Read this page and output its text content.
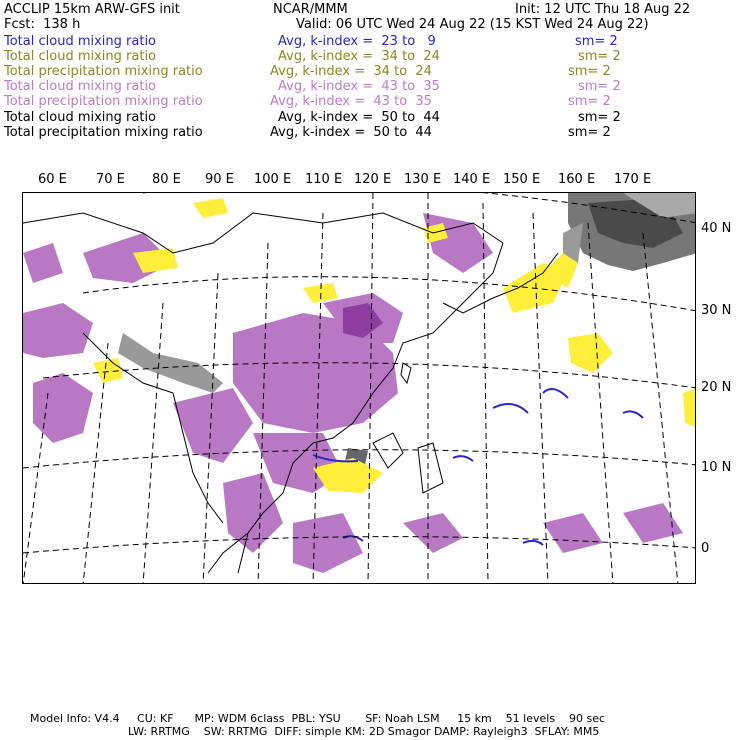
ACCLIP 15km ARW-GFS init	NCAR/MMM	Init: 12 UTC Thu 18 Aug 22
Fcst:  138 h	Valid: 06 UTC Wed 24 Aug 22 (15 KST Wed 24 Aug 22)
Total cloud mixing ratio	Avg, k-index =  23 to   9	sm= 2
Total cloud mixing ratio	Avg, k-index =  34 to  24	sm= 2
Total precipitation mixing ratio	Avg, k-index =  34 to  24	sm= 2
Total cloud mixing ratio	Avg, k-index =  43 to  35	sm= 2
Total precipitation mixing ratio	Avg, k-index =  43 to  35	sm= 2
Total cloud mixing ratio	Avg, k-index =  50 to  44	sm= 2
Total precipitation mixing ratio	Avg, k-index =  50 to  44	sm= 2
60 E 70 E 80 E 90 E 100 E 110 E 120 E 130 E 140 E 150 E 160 E 170 E
40 N
30 N
20 N
10 N
0
Model Info: V4.4     CU: KF      MP: WDM 6class  PBL: YSU       SF: Noah LSM     15 km    51 levels    90 sec
LW: RRTMG    SW: RRTMG  DIFF: simple KM: 2D Smagor DAMP: Rayleigh3  SFLAY: MM5
